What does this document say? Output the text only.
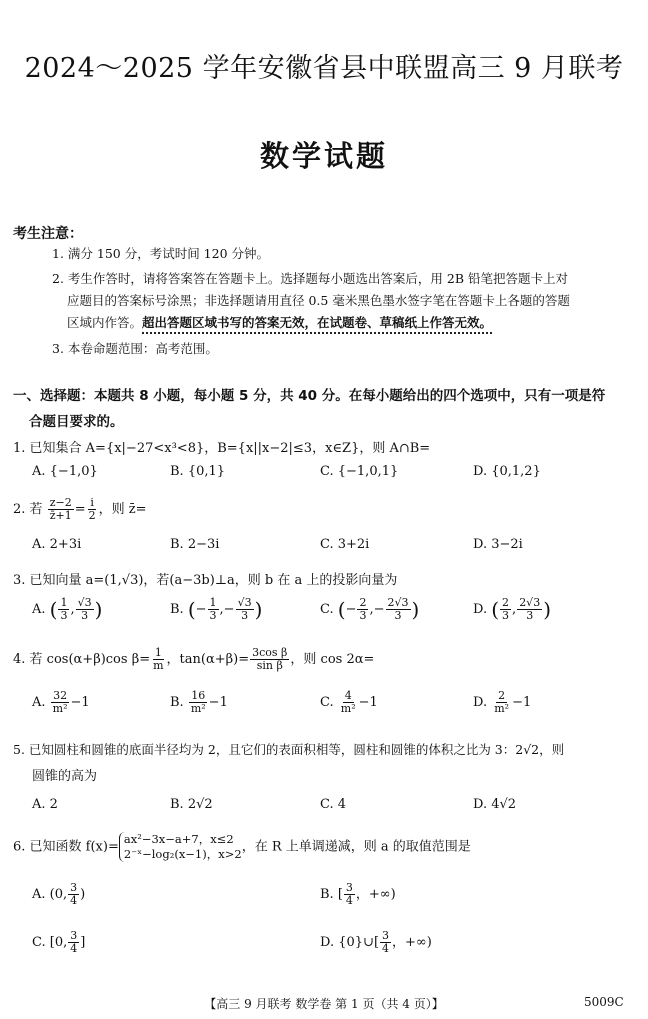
2024～2025 学年安徽省县中联盟高三 9 月联考
数学试题
考生注意：
1. 满分 150 分，考试时间 120 分钟。
2. 考生作答时，请将答案答在答题卡上。选择题每小题选出答案后，用 2B 铅笔把答题卡上对
应题目的答案标号涂黑；非选择题请用直径 0.5 毫米黑色墨水签字笔在答题卡上各题的答题
区域内作答。超出答题区域书写的答案无效，在试题卷、草稿纸上作答无效。
3. 本卷命题范围：高考范围。
一、选择题：本题共 8 小题，每小题 5 分，共 40 分。在每小题给出的四个选项中，只有一项是符
合题目要求的。
1. 已知集合 A={x|−27<x³<8}，B={x||x−2|≤3，x∈Z}，则 A∩B=
A. {−1,0}	B. {0,1}	C. {−1,0,1}	D. {0,1,2}
2. 若 $\frac{z-2}{z̄+1} = \frac{i}{2}$ ，则 z̄=
A. 2+3i	B. 2−3i	C. 3+2i	D. 3−2i
3. 已知向量 a=(1,√3)，若(a−3b)⊥a，则 b 在 a 上的投影向量为
A. ( $\frac{1}{3}$ , $\frac{√3}{3}$ )	B. (− $\frac{1}{3}$ ,− $\frac{√3}{3}$ )	C. (− $\frac{2}{3}$ ,− $\frac{2√3}{3}$ )	D. ( $\frac{2}{3}$ , $\frac{2√3}{3}$ )
4. 若 cos(α+β)cos $\beta= \frac{1}{m}$ ，$\tan(\alpha+\beta)= \frac{\text{3cos β}}{\text{sin β}}$ ，则 cos 2α=
A. $\frac{32}{\text{m²}} -1$	B. $\frac{16}{\text{m²}} -1$	C. $\frac{4}{\text{m²}} -1$	D. $\frac{2}{\text{m²}} -1$
5. 已知圆柱和圆锥的底面半径均为 2，且它们的表面积相等，圆柱和圆锥的体积之比为 3：2√2，则
圆锥的高为
A. 2	B. 2√2	C. 4	D. 4√2
6. 已知函数 f(x)=
ax²−3x−a+7，x≤2
2⁻ˣ−log₂(x−1)，x>2 ，在 R 上单调递减，则 a 的取值范围是
A. (0, $\frac{3}{4}$ )	B. [ $\frac{3}{4}$ ，+∞)
C. [0, $\frac{3}{4}$ ]	D. {0}∪[ $\frac{3}{4}$ ，+∞)
【高三 9 月联考 数学卷 第 1 页（共 4 页）】	5009C
